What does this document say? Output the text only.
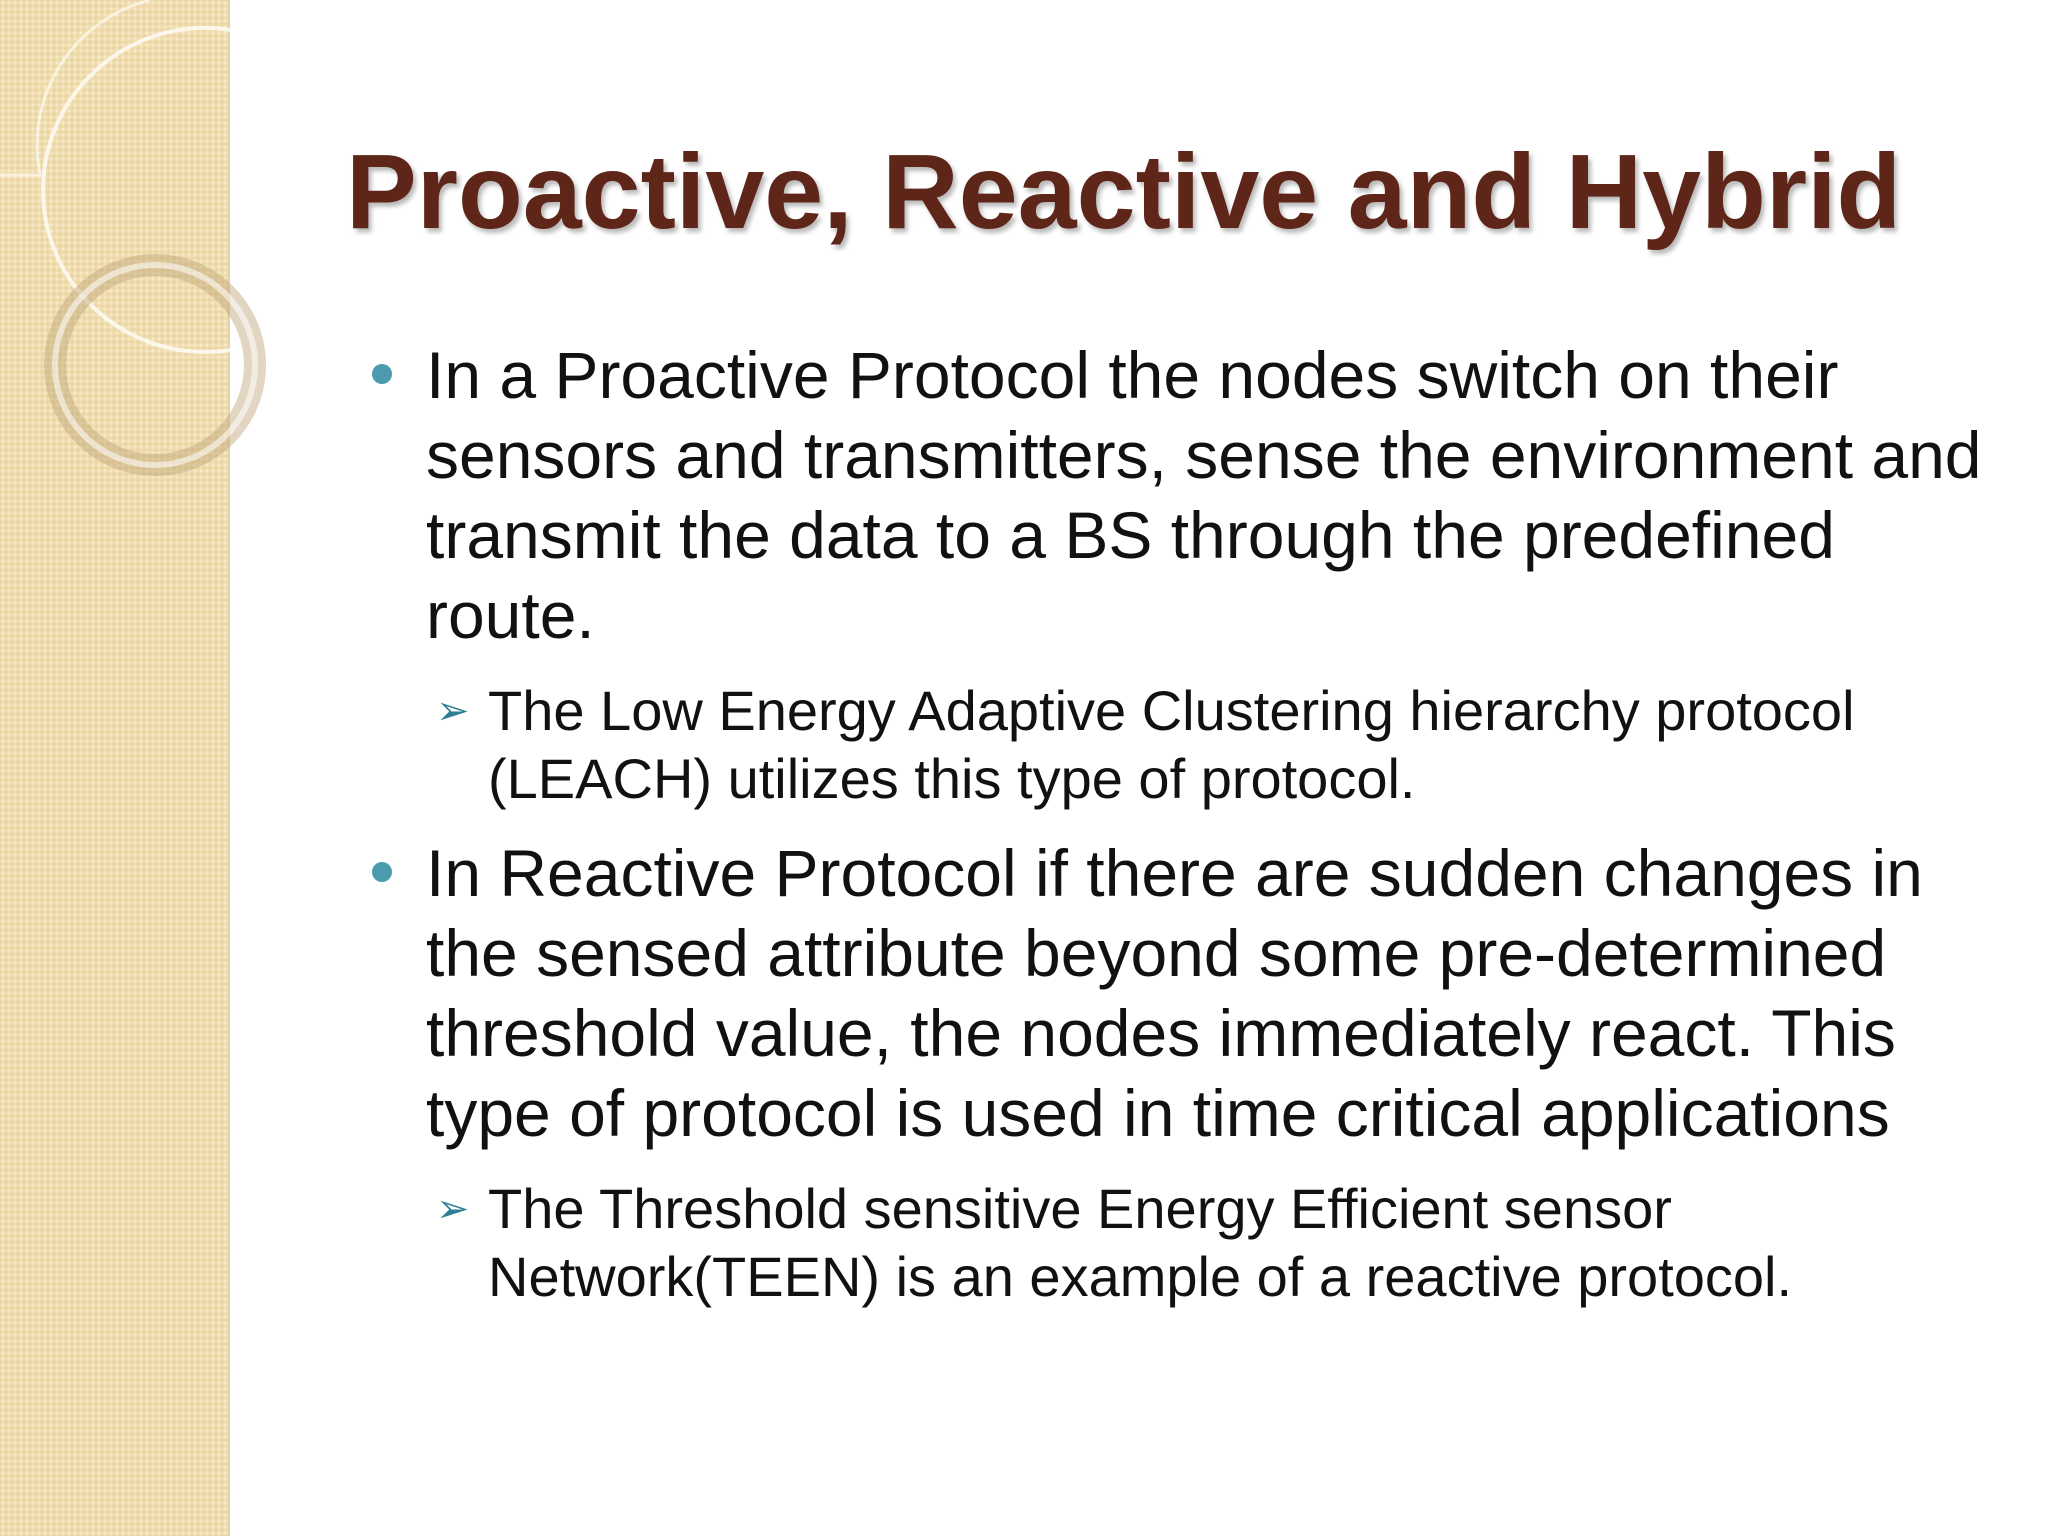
Proactive, Reactive and Hybrid
In a Proactive Protocol the nodes switch on their sensors and transmitters, sense the environment and transmit the data to a BS through the predefined route.
➢ The Low Energy Adaptive Clustering hierarchy protocol (LEACH) utilizes this type of protocol.
In Reactive Protocol if there are sudden changes in the sensed attribute beyond some pre-determined threshold value, the nodes immediately react. This type of protocol is used in time critical applications
➢ The Threshold sensitive Energy Efficient sensor Network(TEEN) is an example of a reactive protocol.
